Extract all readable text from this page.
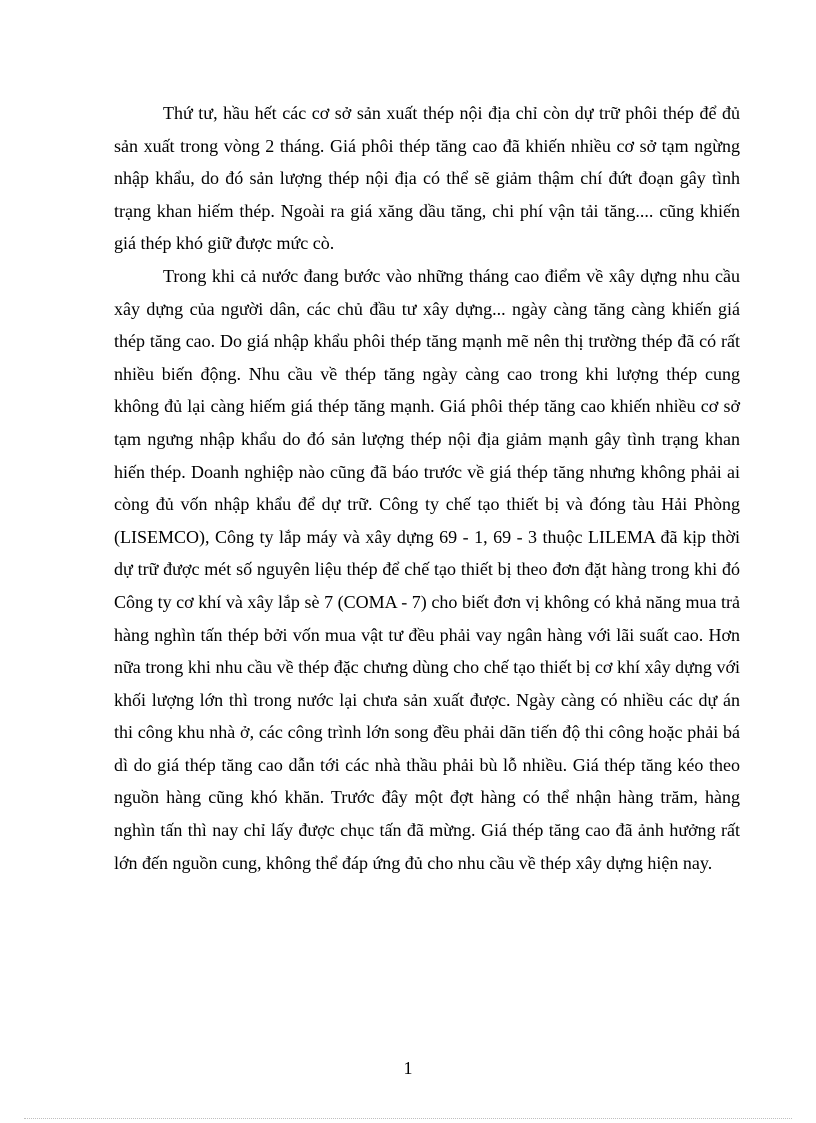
Thứ tư, hầu hết các cơ sở sản xuất thép nội địa chỉ còn dự trữ phôi thép để đủ sản xuất trong vòng 2 tháng. Giá phôi thép tăng cao đã khiến nhiều cơ sở tạm ngừng nhập khẩu, do đó sản lượng thép nội địa có thể sẽ giảm thậm chí đứt đoạn gây tình trạng khan hiếm thép. Ngoài ra giá xăng dầu tăng, chi phí vận tải tăng.... cũng khiến giá thép khó giữ được mức cò.

Trong khi cả nước đang bước vào những tháng cao điểm về xây dựng nhu cầu xây dựng của người dân, các chủ đầu tư xây dựng... ngày càng tăng càng khiến giá thép tăng cao. Do giá nhập khẩu phôi thép tăng mạnh mẽ nên thị trường thép đã có rất nhiều biến động. Nhu cầu về thép tăng ngày càng cao trong khi lượng thép cung không đủ lại càng hiếm giá thép tăng mạnh. Giá phôi thép tăng cao khiến nhiều cơ sở tạm ngưng nhập khẩu do đó sản lượng thép nội địa giảm mạnh gây tình trạng khan hiến thép. Doanh nghiệp nào cũng đã báo trước về giá thép tăng nhưng không phải ai còng đủ vốn nhập khẩu để dự trữ. Công ty chế tạo thiết bị và đóng tàu Hải Phòng (LISEMCO), Công ty lắp máy và xây dựng 69 - 1, 69 - 3 thuộc LILEMA đã kịp thời dự trữ được mét số nguyên liệu thép để chế tạo thiết bị theo đơn đặt hàng trong khi đó Công ty cơ khí và xây lắp sè 7 (COMA - 7) cho biết đơn vị không có khả năng mua trả hàng nghìn tấn thép bởi vốn mua vật tư đều phải vay ngân hàng với lãi suất cao. Hơn nữa trong khi nhu cầu về thép đặc chưng dùng cho chế tạo thiết bị cơ khí xây dựng với khối lượng lớn thì trong nước lại chưa sản xuất được. Ngày càng có nhiều các dự án thi công khu nhà ở, các công trình lớn song đều phải dãn tiến độ thi công hoặc phải bá dì do giá thép tăng cao dẫn tới các nhà thầu phải bù lỗ nhiều. Giá thép tăng kéo theo nguồn hàng cũng khó khăn. Trước đây một đợt hàng có thể nhận hàng trăm, hàng nghìn tấn thì nay chỉ lấy được chục tấn đã mừng. Giá thép tăng cao đã ảnh hưởng rất lớn đến nguồn cung, không thể đáp ứng đủ cho nhu cầu về thép xây dựng hiện nay.

1
